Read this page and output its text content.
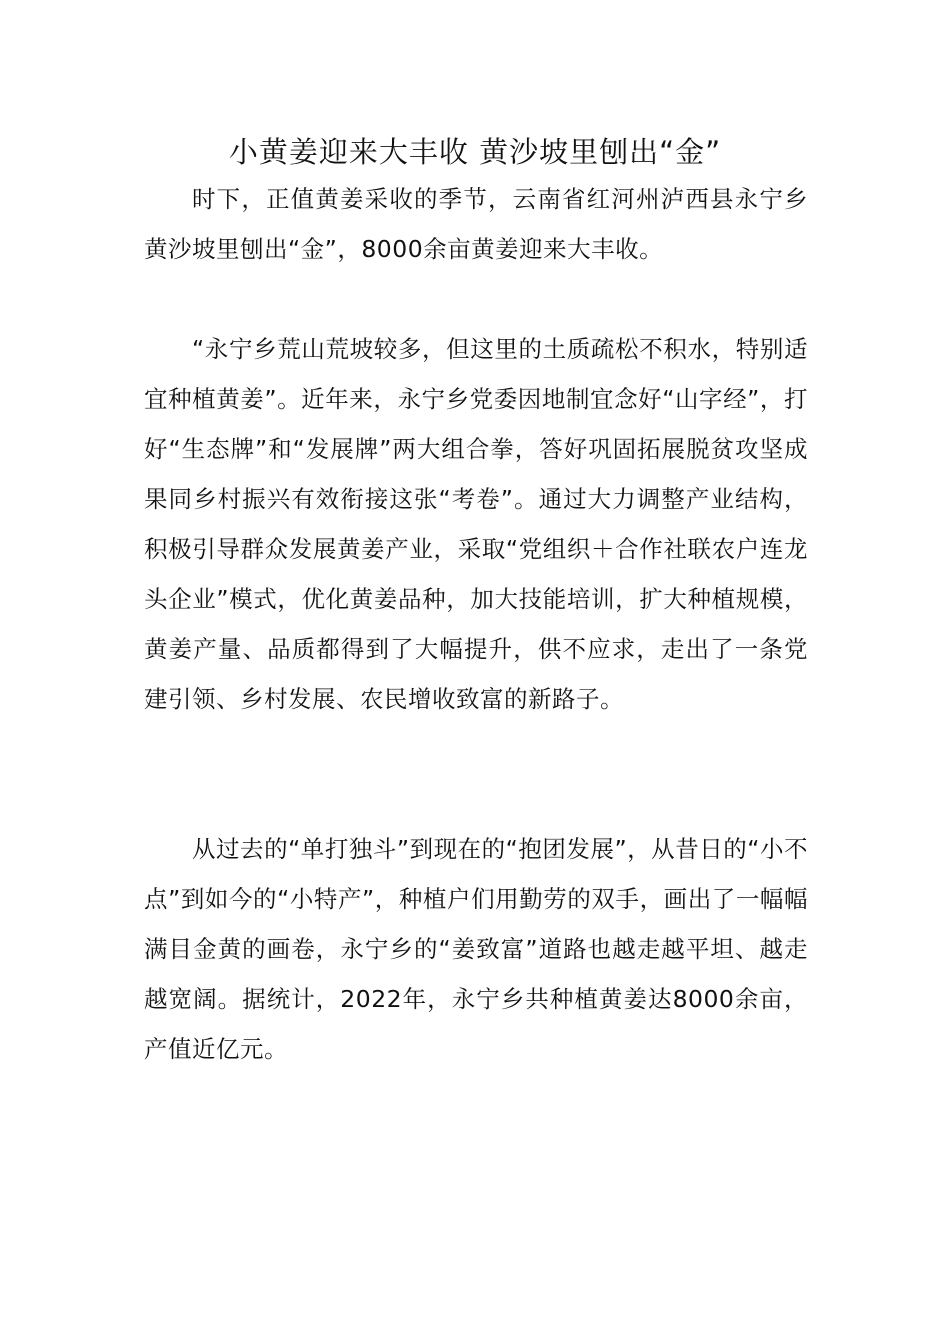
小黄姜迎来大丰收 黄沙坡里刨出“金”

时下，正值黄姜采收的季节，云南省红河州泸西县永宁乡黄沙坡里刨出“金”，8000余亩黄姜迎来大丰收。

“永宁乡荒山荒坡较多，但这里的土质疏松不积水，特别适宜种植黄姜”。近年来，永宁乡党委因地制宜念好“山字经”，打好“生态牌”和“发展牌”两大组合拳，答好巩固拓展脱贫攻坚成果同乡村振兴有效衔接这张“考卷”。通过大力调整产业结构，积极引导群众发展黄姜产业，采取“党组织＋合作社联农户连龙头企业”模式，优化黄姜品种，加大技能培训，扩大种植规模，黄姜产量、品质都得到了大幅提升，供不应求，走出了一条党建引领、乡村发展、农民增收致富的新路子。

从过去的“单打独斗”到现在的“抱团发展”，从昔日的“小不点”到如今的“小特产”，种植户们用勤劳的双手，画出了一幅幅满目金黄的画卷，永宁乡的“姜致富”道路也越走越平坦、越走越宽阔。据统计，2022年，永宁乡共种植黄姜达8000余亩，产值近亿元。
